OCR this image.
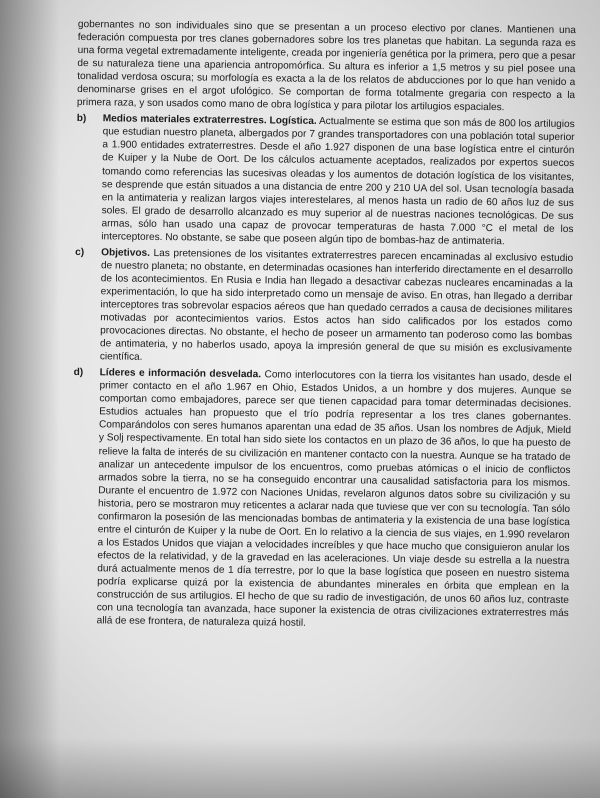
gobernantes no son individuales sino que se presentan a un proceso electivo por clanes. Mantienen una federación compuesta por tres clanes gobernadores sobre los tres planetas que habitan. La segunda raza es una forma vegetal extremadamente inteligente, creada por ingeniería genética por la primera, pero que a pesar de su naturaleza tiene una apariencia antropomórfica. Su altura es inferior a 1,5 metros y su piel posee una tonalidad verdosa oscura; su morfología es exacta a la de los relatos de abducciones por lo que han venido a denominarse grises en el argot ufológico. Se comportan de forma totalmente gregaria con respecto a la primera raza, y son usados como mano de obra logística y para pilotar los artilugios espaciales.

b) Medios materiales extraterrestres. Logística. Actualmente se estima que son más de 800 los artilugios que estudian nuestro planeta, albergados por 7 grandes transportadores con una población total superior a 1.900 entidades extraterrestres. Desde el año 1.927 disponen de una base logística entre el cinturón de Kuiper y la Nube de Oort. De los cálculos actuamente aceptados, realizados por expertos suecos tomando como referencias las sucesivas oleadas y los aumentos de dotación logística de los visitantes, se desprende que están situados a una distancia de entre 200 y 210 UA del sol. Usan tecnología basada en la antimateria y realizan largos viajes interestelares, al menos hasta un radio de 60 años luz de sus soles. El grado de desarrollo alcanzado es muy superior al de nuestras naciones tecnológicas. De sus armas, sólo han usado una capaz de provocar temperaturas de hasta 7.000 °C el metal de los interceptores. No obstante, se sabe que poseen algún tipo de bombas-haz de antimateria.

c) Objetivos. Las pretensiones de los visitantes extraterrestres parecen encaminadas al exclusivo estudio de nuestro planeta; no obstante, en determinadas ocasiones han interferido directamente en el desarrollo de los acontecimientos. En Rusia e India han llegado a desactivar cabezas nucleares encaminadas a la experimentación, lo que ha sido interpretado como un mensaje de aviso. En otras, han llegado a derribar interceptores tras sobrevolar espacios aéreos que han quedado cerrados a causa de decisiones militares motivadas por acontecimientos varios. Estos actos han sido calificados por los estados como provocaciones directas. No obstante, el hecho de poseer un armamento tan poderoso como las bombas de antimateria, y no haberlos usado, apoya la impresión general de que su misión es exclusivamente científica.

d) Líderes e información desvelada. Como interlocutores con la tierra los visitantes han usado, desde el primer contacto en el año 1.967 en Ohio, Estados Unidos, a un hombre y dos mujeres. Aunque se comportan como embajadores, parece ser que tienen capacidad para tomar determinadas decisiones. Estudios actuales han propuesto que el trío podría representar a los tres clanes gobernantes. Comparándolos con seres humanos aparentan una edad de 35 años. Usan los nombres de Adjuk, Mield y Solj respectivamente. En total han sido siete los contactos en un plazo de 36 años, lo que ha puesto de relieve la falta de interés de su civilización en mantener contacto con la nuestra. Aunque se ha tratado de analizar un antecedente impulsor de los encuentros, como pruebas atómicas o el inicio de conflictos armados sobre la tierra, no se ha conseguido encontrar una causalidad satisfactoria para los mismos. Durante el encuentro de 1.972 con Naciones Unidas, revelaron algunos datos sobre su civilización y su historia, pero se mostraron muy reticentes a aclarar nada que tuviese que ver con su tecnología. Tan sólo confirmaron la posesión de las mencionadas bombas de antimateria y la existencia de una base logística entre el cinturón de Kuiper y la nube de Oort. En lo relativo a la ciencia de sus viajes, en 1.990 revelaron a los Estados Unidos que viajan a velocidades increíbles y que hace mucho que consiguieron anular los efectos de la relatividad, y de la gravedad en las aceleraciones. Un viaje desde su estrella a la nuestra durá actualmente menos de 1 día terrestre, por lo que la base logística que poseen en nuestro sistema podría explicarse quizá por la existencia de abundantes minerales en órbita que emplean en la construcción de sus artilugios. El hecho de que su radio de investigación, de unos 60 años luz, contraste con una tecnología tan avanzada, hace suponer la existencia de otras civilizaciones extraterrestres más allá de ese frontera, de naturaleza quizá hostil.
